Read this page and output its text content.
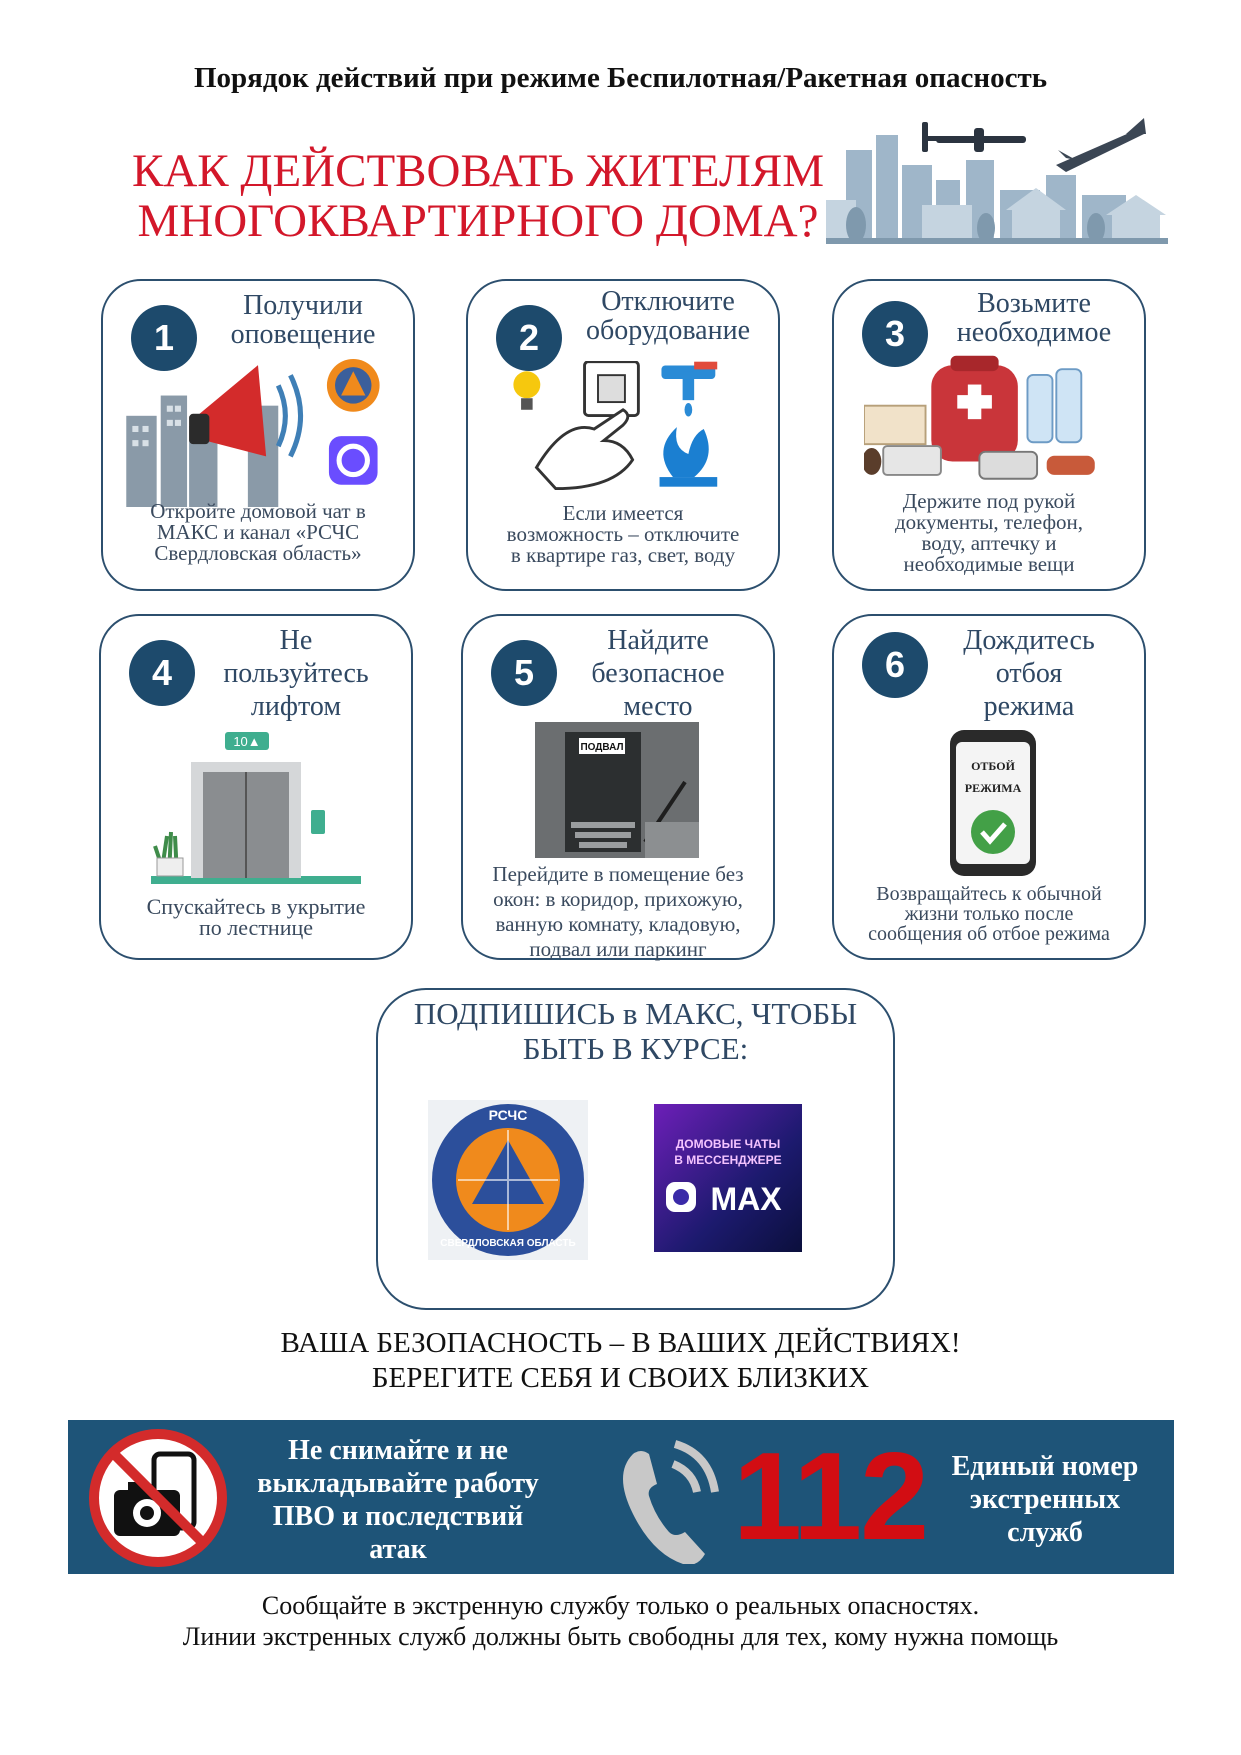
Порядок действий при режиме Беспилотная/Ракетная опасность
КАК ДЕЙСТВОВАТЬ ЖИТЕЛЯМ
МНОГОКВАРТИРНОГО ДОМА?
1
Получили
оповещение
Откройте домовой чат в
МАКС и канал «РСЧС
Свердловская область»
2
Отключите
оборудование
Если имеется
возможность – отключите
в квартире газ, свет, воду
3
Возьмите
необходимое
Держите под рукой
документы, телефон,
воду, аптечку и
необходимые вещи
4
Не
пользуйтесь
лифтом
10▲
Спускайтесь в укрытие
по лестнице
5
Найдите
безопасное
место
ПОДВАЛ
Перейдите в помещение без
окон: в коридор, прихожую,
ванную комнату, кладовую,
подвал или паркинг
6
Дождитесь
отбоя
режима
ОТБОЙ
РЕЖИМА
Возвращайтесь к обычной
жизни только после
сообщения об отбое режима
ПОДПИШИСЬ в МАКС, ЧТОБЫ
БЫТЬ В КУРСЕ:
РСЧС
СВЕРДЛОВСКАЯ ОБЛАСТЬ
ДОМОВЫЕ ЧАТЫ
В МЕССЕНДЖЕРЕ
MAX
ВАША БЕЗОПАСНОСТЬ – В ВАШИХ ДЕЙСТВИЯХ!
БЕРЕГИТЕ СЕБЯ И СВОИХ БЛИЗКИХ
Не снимайте и не
выкладывайте работу
ПВО и последствий
атак	112 Единый номер
экстренных
служб
Сообщайте в экстренную службу только о реальных опасностях.
Линии экстренных служб должны быть свободны для тех, кому нужна помощь
